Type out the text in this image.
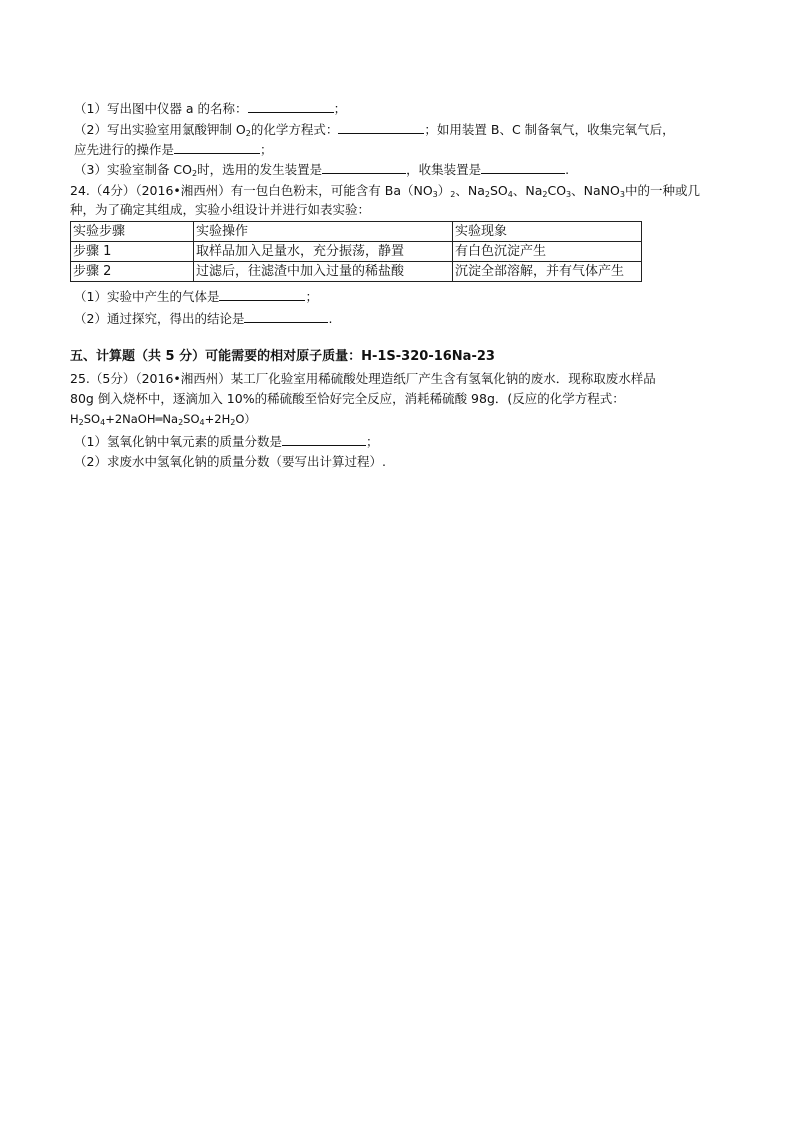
（1）写出图中仪器 a 的名称：	；
（2）写出实验室用氯酸钾制 $O_2$的化学方程式：	；如用装置 B、C 制备氧气，收集完氧气后，
应先进行的操作是	；
（3）实验室制备 $CO_2$时，选用的发生装置是	，收集装置是	.
24.（4分）（2016•湘西州）有一包白色粉末，可能含有 $Ba(NO_3)_2$、$Na_2SO_4$、$Na_2CO_3$、NaNO$_3$中的一种或几
种，为了确定其组成，实验小组设计并进行如表实验：
实验步骤	实验操作	实验现象
步骤 1	取样品加入足量水，充分振荡，静置	有白色沉淀产生
步骤 2	过滤后，往滤渣中加入过量的稀盐酸	沉淀全部溶解，并有气体产生
（1）实验中产生的气体是	；
（2）通过探究，得出的结论是	.
五、计算题（共 5 分）可能需要的相对原子质量：H-1S-320-16Na-23
25.（5分）（2016•湘西州）某工厂化验室用稀硫酸处理造纸厂产生含有氢氧化钠的废水．现称取废水样品
80g 倒入烧杯中，逐滴加入 10%的稀硫酸至恰好完全反应，消耗稀硫酸 98g．(反应的化学方程式：
$H_2SO_4+2NaOH═Na_2SO_4+2H_2O$）
（1）氢氧化钠中氧元素的质量分数是	；
（2）求废水中氢氧化钠的质量分数（要写出计算过程）.
